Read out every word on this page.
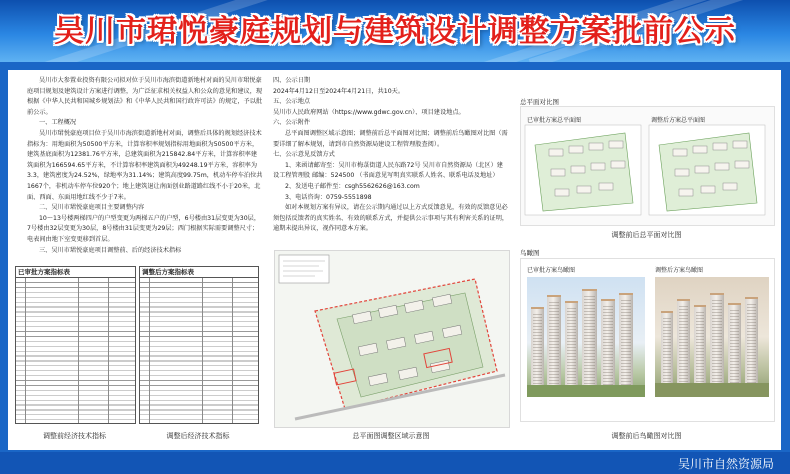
吴川市珺悦豪庭规划与建筑设计调整方案批前公示

吴川市大参置业投资有限公司拟对位于吴川市海滨街道新地村对面的吴川市珺悦豪庭项目规划及建筑设计方案进行调整，为广泛征求相关权益人和公众的意见和建议，现根据《中华人民共和国城乡规划法》和《中华人民共和国行政许可法》的规定，予以批前公示。

一、工程概况

吴川市珺悦豪庭项目位于吴川市海滨街道新地村对面，调整后具体的规划经济技术指标为：用地面积为50500平方米，计算容积率规划指标用地面积为50500平方米，建筑基底面积为12381.76平方米，总建筑面积为215842.84平方米，计算容积率建筑面积为166594.65平方米，不计算容积率建筑面积为49248.19平方米，容积率为3.3，建筑密度为24.52%，绿地率为31.14%；建筑高度99.75m，机动车停车泊位共1667个，非机动车停车位920个；地上建筑退让南面创业路道路红线不小于20米，北面、西面、东面用地红线不少于7米。

二、吴川市珺悦豪庭项目主要调整内容

10～13号楼两梯四户的户型变更为两梯五户的户型，6号楼由31层变更为30层，7号楼由32层变更为30层，8号楼由31层变更为29层；西门根据实际需要调整尺寸；电表间由地下室变更移到首层。

三、吴川市珺悦豪庭项目调整前、后的经济技术指标

已审批方案指标表	调整后方案指标表
调整前经济技术指标	调整后经济技术指标

四、公示日期

2024年4月12日至2024年4月21日，共10天。

五、公示地点

吴川市人民政府网站（https://www.gdwc.gov.cn）、项目建设地点。

六、公示附件

总平面图调整区域示意图；调整前后总平面图对比图；调整前后鸟瞰图对比图（需要详细了解本规划，请到市自然资源局建设工程管理股查阅）。

七、公示意见反馈方式

1、来函请邮寄至：吴川市梅菉街道人民东路72号 吴川市自然资源局（北区）建设工程管理股 邮编：524500 （书面意见写明真实联系人姓名、联系电话及地址）

2、发送电子邮件至：csgh5562626@163.com

3、电话咨询：0759-5551898

如对本规划方案有异议，请在公示期内通过以上方式反馈意见，有效的反馈意见必须包括反馈者的真实姓名、有效的联系方式，并提供公示事项与其有利害关系的证明，逾期未提出异议，视作同意本方案。

总平面图调整区域示意图
总平面对比图
已审批方案总平面图	调整后方案总平面图
调整前后总平面对比图
鸟瞰图
已审批方案鸟瞰图	调整后方案鸟瞰图
调整前后鸟瞰图对比图
吴川市自然资源局
